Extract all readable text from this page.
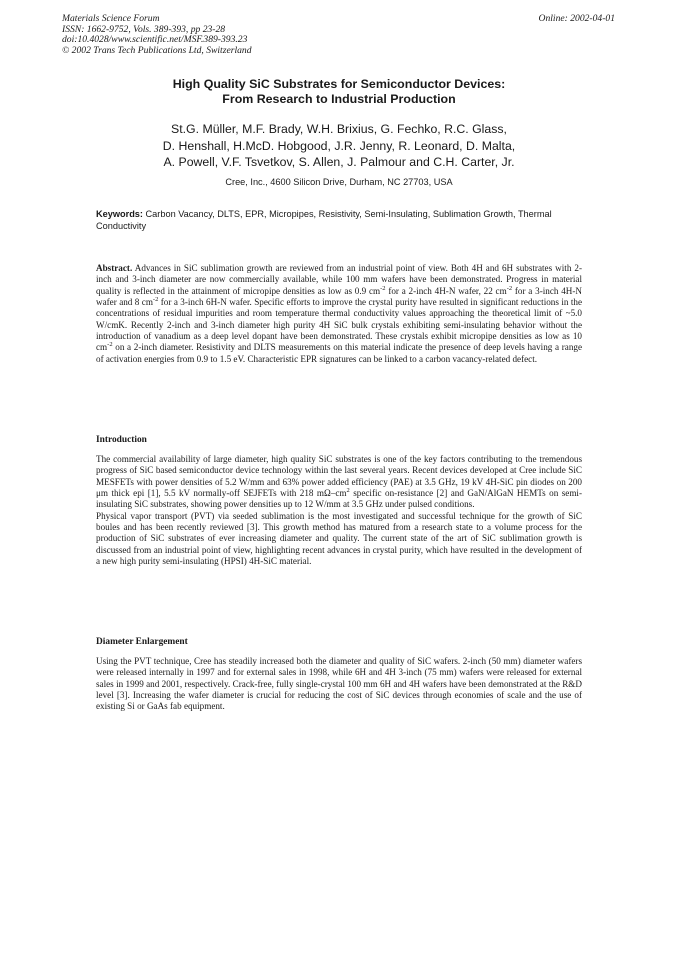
Materials Science Forum
ISSN: 1662-9752, Vols. 389-393, pp 23-28
doi:10.4028/www.scientific.net/MSF.389-393.23
© 2002 Trans Tech Publications Ltd, Switzerland
Online: 2002-04-01
High Quality SiC Substrates for Semiconductor Devices:
From Research to Industrial Production
St.G. Müller, M.F. Brady, W.H. Brixius, G. Fechko, R.C. Glass,
D. Henshall, H.McD. Hobgood, J.R. Jenny, R. Leonard, D. Malta,
A. Powell, V.F. Tsvetkov, S. Allen, J. Palmour and C.H. Carter, Jr.
Cree, Inc., 4600 Silicon Drive, Durham, NC 27703, USA
Keywords: Carbon Vacancy, DLTS, EPR, Micropipes, Resistivity, Semi-Insulating, Sublimation Growth, Thermal Conductivity

Abstract. Advances in SiC sublimation growth are reviewed from an industrial point of view. Both 4H and 6H substrates with 2-inch and 3-inch diameter are now commercially available, while 100 mm wafers have been demonstrated. Progress in material quality is reflected in the attainment of micropipe densities as low as 0.9 $cm^{-2}$ for a 2-inch 4H-N wafer, 22 $cm^{-2}$ for a 3-inch 4H-N wafer and 8 $cm^{-2}$ for a 3-inch 6H-N wafer. Specific efforts to improve the crystal purity have resulted in significant reductions in the concentrations of residual impurities and room temperature thermal conductivity values approaching the theoretical limit of ~5.0 W/cmK. Recently 2-inch and 3-inch diameter high purity 4H SiC bulk crystals exhibiting semi-insulating behavior without the introduction of vanadium as a deep level dopant have been demonstrated. These crystals exhibit micropipe densities as low as 10 $cm^{-2}$ on a 2-inch diameter. Resistivity and DLTS measurements on this material indicate the presence of deep levels having a range of activation energies from 0.9 to 1.5 eV. Characteristic EPR signatures can be linked to a carbon vacancy-related defect.

Introduction

The commercial availability of large diameter, high quality SiC substrates is one of the key factors contributing to the tremendous progress of SiC based semiconductor device technology within the last several years. Recent devices developed at Cree include SiC MESFETs with power densities of 5.2 W/mm and 63% power added efficiency (PAE) at 3.5 GHz, 19 kV 4H-SiC pin diodes on 200 μm thick epi [1], 5.5 kV normally-off SEJFETs with 218 $m\Omega-cm^2$ specific on-resistance [2] and GaN/AlGaN HEMTs on semi-insulating SiC substrates, showing power densities up to 12 W/mm at 3.5 GHz under pulsed conditions.

Physical vapor transport (PVT) via seeded sublimation is the most investigated and successful technique for the growth of SiC boules and has been recently reviewed [3]. This growth method has matured from a research state to a volume process for the production of SiC substrates of ever increasing diameter and quality. The current state of the art of SiC sublimation growth is discussed from an industrial point of view, highlighting recent advances in crystal purity, which have resulted in the development of a new high purity semi-insulating (HPSI) 4H-SiC material.

Diameter Enlargement

Using the PVT technique, Cree has steadily increased both the diameter and quality of SiC wafers. 2-inch (50 mm) diameter wafers were released internally in 1997 and for external sales in 1998, while 6H and 4H 3-inch (75 mm) wafers were released for external sales in 1999 and 2001, respectively. Crack-free, fully single-crystal 100 mm 6H and 4H wafers have been demonstrated at the R&D level [3]. Increasing the wafer diameter is crucial for reducing the cost of SiC devices through economies of scale and the use of existing Si or GaAs fab equipment.
